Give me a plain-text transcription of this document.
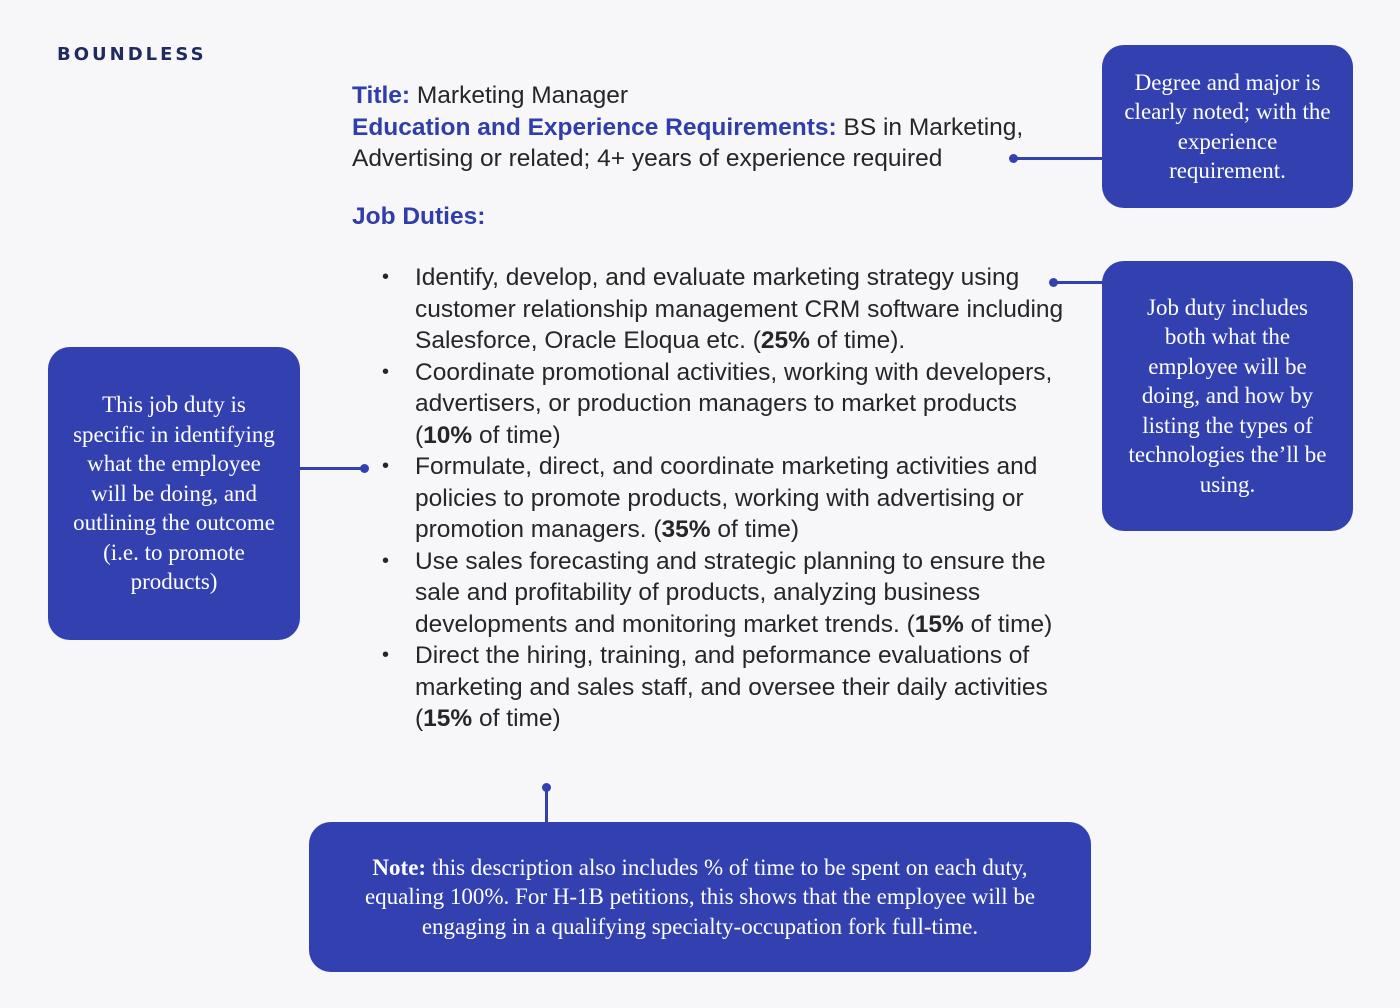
BOUNDLESS
Title: Marketing Manager
Education and Experience Requirements: BS in Marketing, Advertising or related; 4+ years of experience required
Job Duties:
• Identify, develop, and evaluate marketing strategy using customer relationship management CRM software including Salesforce, Oracle Eloqua etc. (25% of time).
• Coordinate promotional activities, working with developers, advertisers, or production managers to market products (10% of time)
• Formulate, direct, and coordinate marketing activities and policies to promote products, working with advertising or promotion managers. (35% of time)
• Use sales forecasting and strategic planning to ensure the sale and profitability of products, analyzing business developments and monitoring market trends. (15% of time)
• Direct the hiring, training, and peformance evaluations of marketing and sales staff, and oversee their daily activities (15% of time)

Degree and major is clearly noted; with the experience requirement.

Job duty includes both what the employee will be doing, and how by listing the types of technologies the’ll be using.

This job duty is specific in identifying what the employee will be doing, and outlining the outcome (i.e. to promote products)

Note: this description also includes % of time to be spent on each duty, equaling 100%. For H-1B petitions, this shows that the employee will be engaging in a qualifying specialty-occupation fork full-time.
